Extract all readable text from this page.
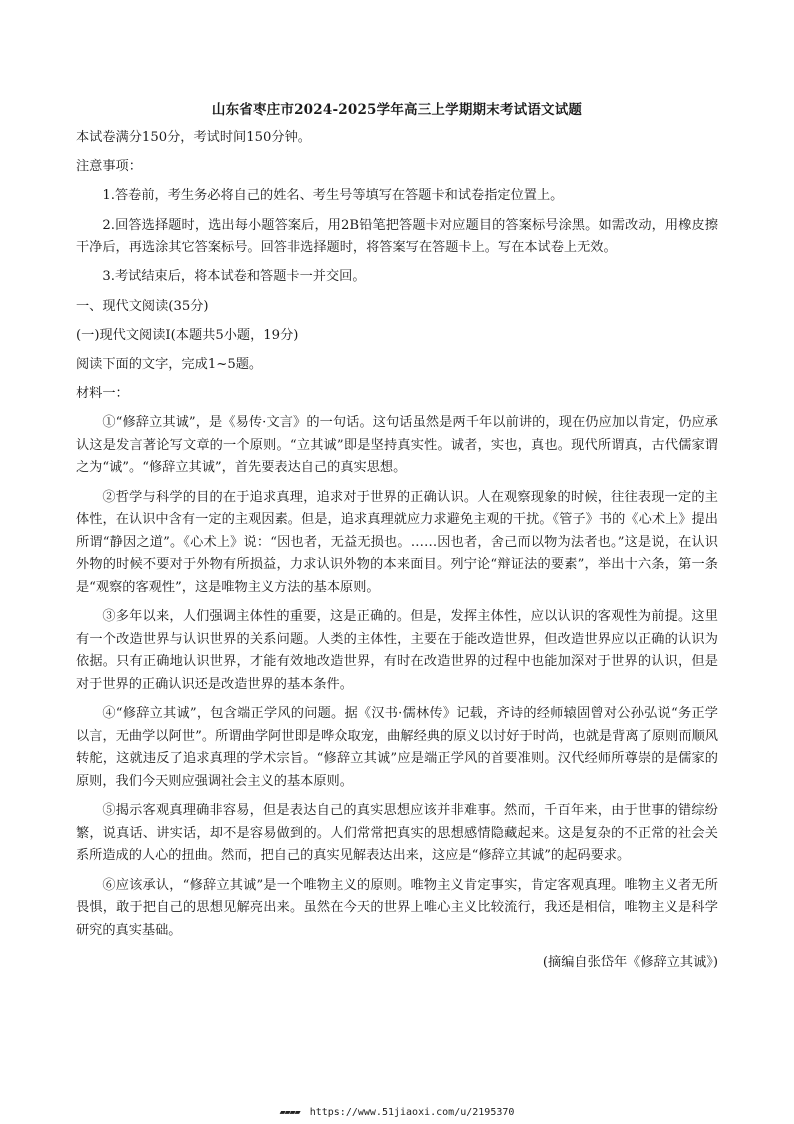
山东省枣庄市2024-2025学年高三上学期期末考试语文试题

本试卷满分150分，考试时间150分钟。

注意事项：

1.答卷前，考生务必将自己的姓名、考生号等填写在答题卡和试卷指定位置上。

2.回答选择题时，选出每小题答案后，用2B铅笔把答题卡对应题目的答案标号涂黑。如需改动，用橡皮擦干净后，再选涂其它答案标号。回答非选择题时，将答案写在答题卡上。写在本试卷上无效。

3.考试结束后，将本试卷和答题卡一并交回。

一、现代文阅读(35分)

(一)现代文阅读Ⅰ(本题共5小题，19分)

阅读下面的文字，完成1~5题。

材料一：

①“修辞立其诚”，是《易传·文言》的一句话。这句话虽然是两千年以前讲的，现在仍应加以肯定，仍应承认这是发言著论写文章的一个原则。“立其诚”即是坚持真实性。诚者，实也，真也。现代所谓真，古代儒家谓之为“诚”。“修辞立其诚”，首先要表达自己的真实思想。

②哲学与科学的目的在于追求真理，追求对于世界的正确认识。人在观察现象的时候，往往表现一定的主体性，在认识中含有一定的主观因素。但是，追求真理就应力求避免主观的干扰。《管子》书的《心术上》提出所谓“静因之道”。《心术上》说：“因也者，无益无损也。……因也者，舍己而以物为法者也。”这是说，在认识外物的时候不要对于外物有所损益，力求认识外物的本来面目。列宁论“辩证法的要素”，举出十六条，第一条是“观察的客观性”，这是唯物主义方法的基本原则。

③多年以来，人们强调主体性的重要，这是正确的。但是，发挥主体性，应以认识的客观性为前提。这里有一个改造世界与认识世界的关系问题。人类的主体性，主要在于能改造世界，但改造世界应以正确的认识为依据。只有正确地认识世界，才能有效地改造世界，有时在改造世界的过程中也能加深对于世界的认识，但是对于世界的正确认识还是改造世界的基本条件。

④“修辞立其诚”，包含端正学风的问题。据《汉书·儒林传》记载，齐诗的经师辕固曾对公孙弘说“务正学以言，无曲学以阿世”。所谓曲学阿世即是哗众取宠，曲解经典的原义以讨好于时尚，也就是背离了原则而顺风转舵，这就违反了追求真理的学术宗旨。“修辞立其诚”应是端正学风的首要准则。汉代经师所尊崇的是儒家的原则，我们今天则应强调社会主义的基本原则。

⑤揭示客观真理确非容易，但是表达自己的真实思想应该并非难事。然而，千百年来，由于世事的错综纷繁，说真话、讲实话，却不是容易做到的。人们常常把真实的思想感情隐藏起来。这是复杂的不正常的社会关系所造成的人心的扭曲。然而，把自己的真实见解表达出来，这应是“修辞立其诚”的起码要求。

⑥应该承认，“修辞立其诚”是一个唯物主义的原则。唯物主义肯定事实，肯定客观真理。唯物主义者无所畏惧，敢于把自己的思想见解亮出来。虽然在今天的世界上唯心主义比较流行，我还是相信，唯物主义是科学研究的真实基础。

(摘编自张岱年《修辞立其诚》)

▰▰▰▰ https://www.51jiaoxi.com/u/2195370
